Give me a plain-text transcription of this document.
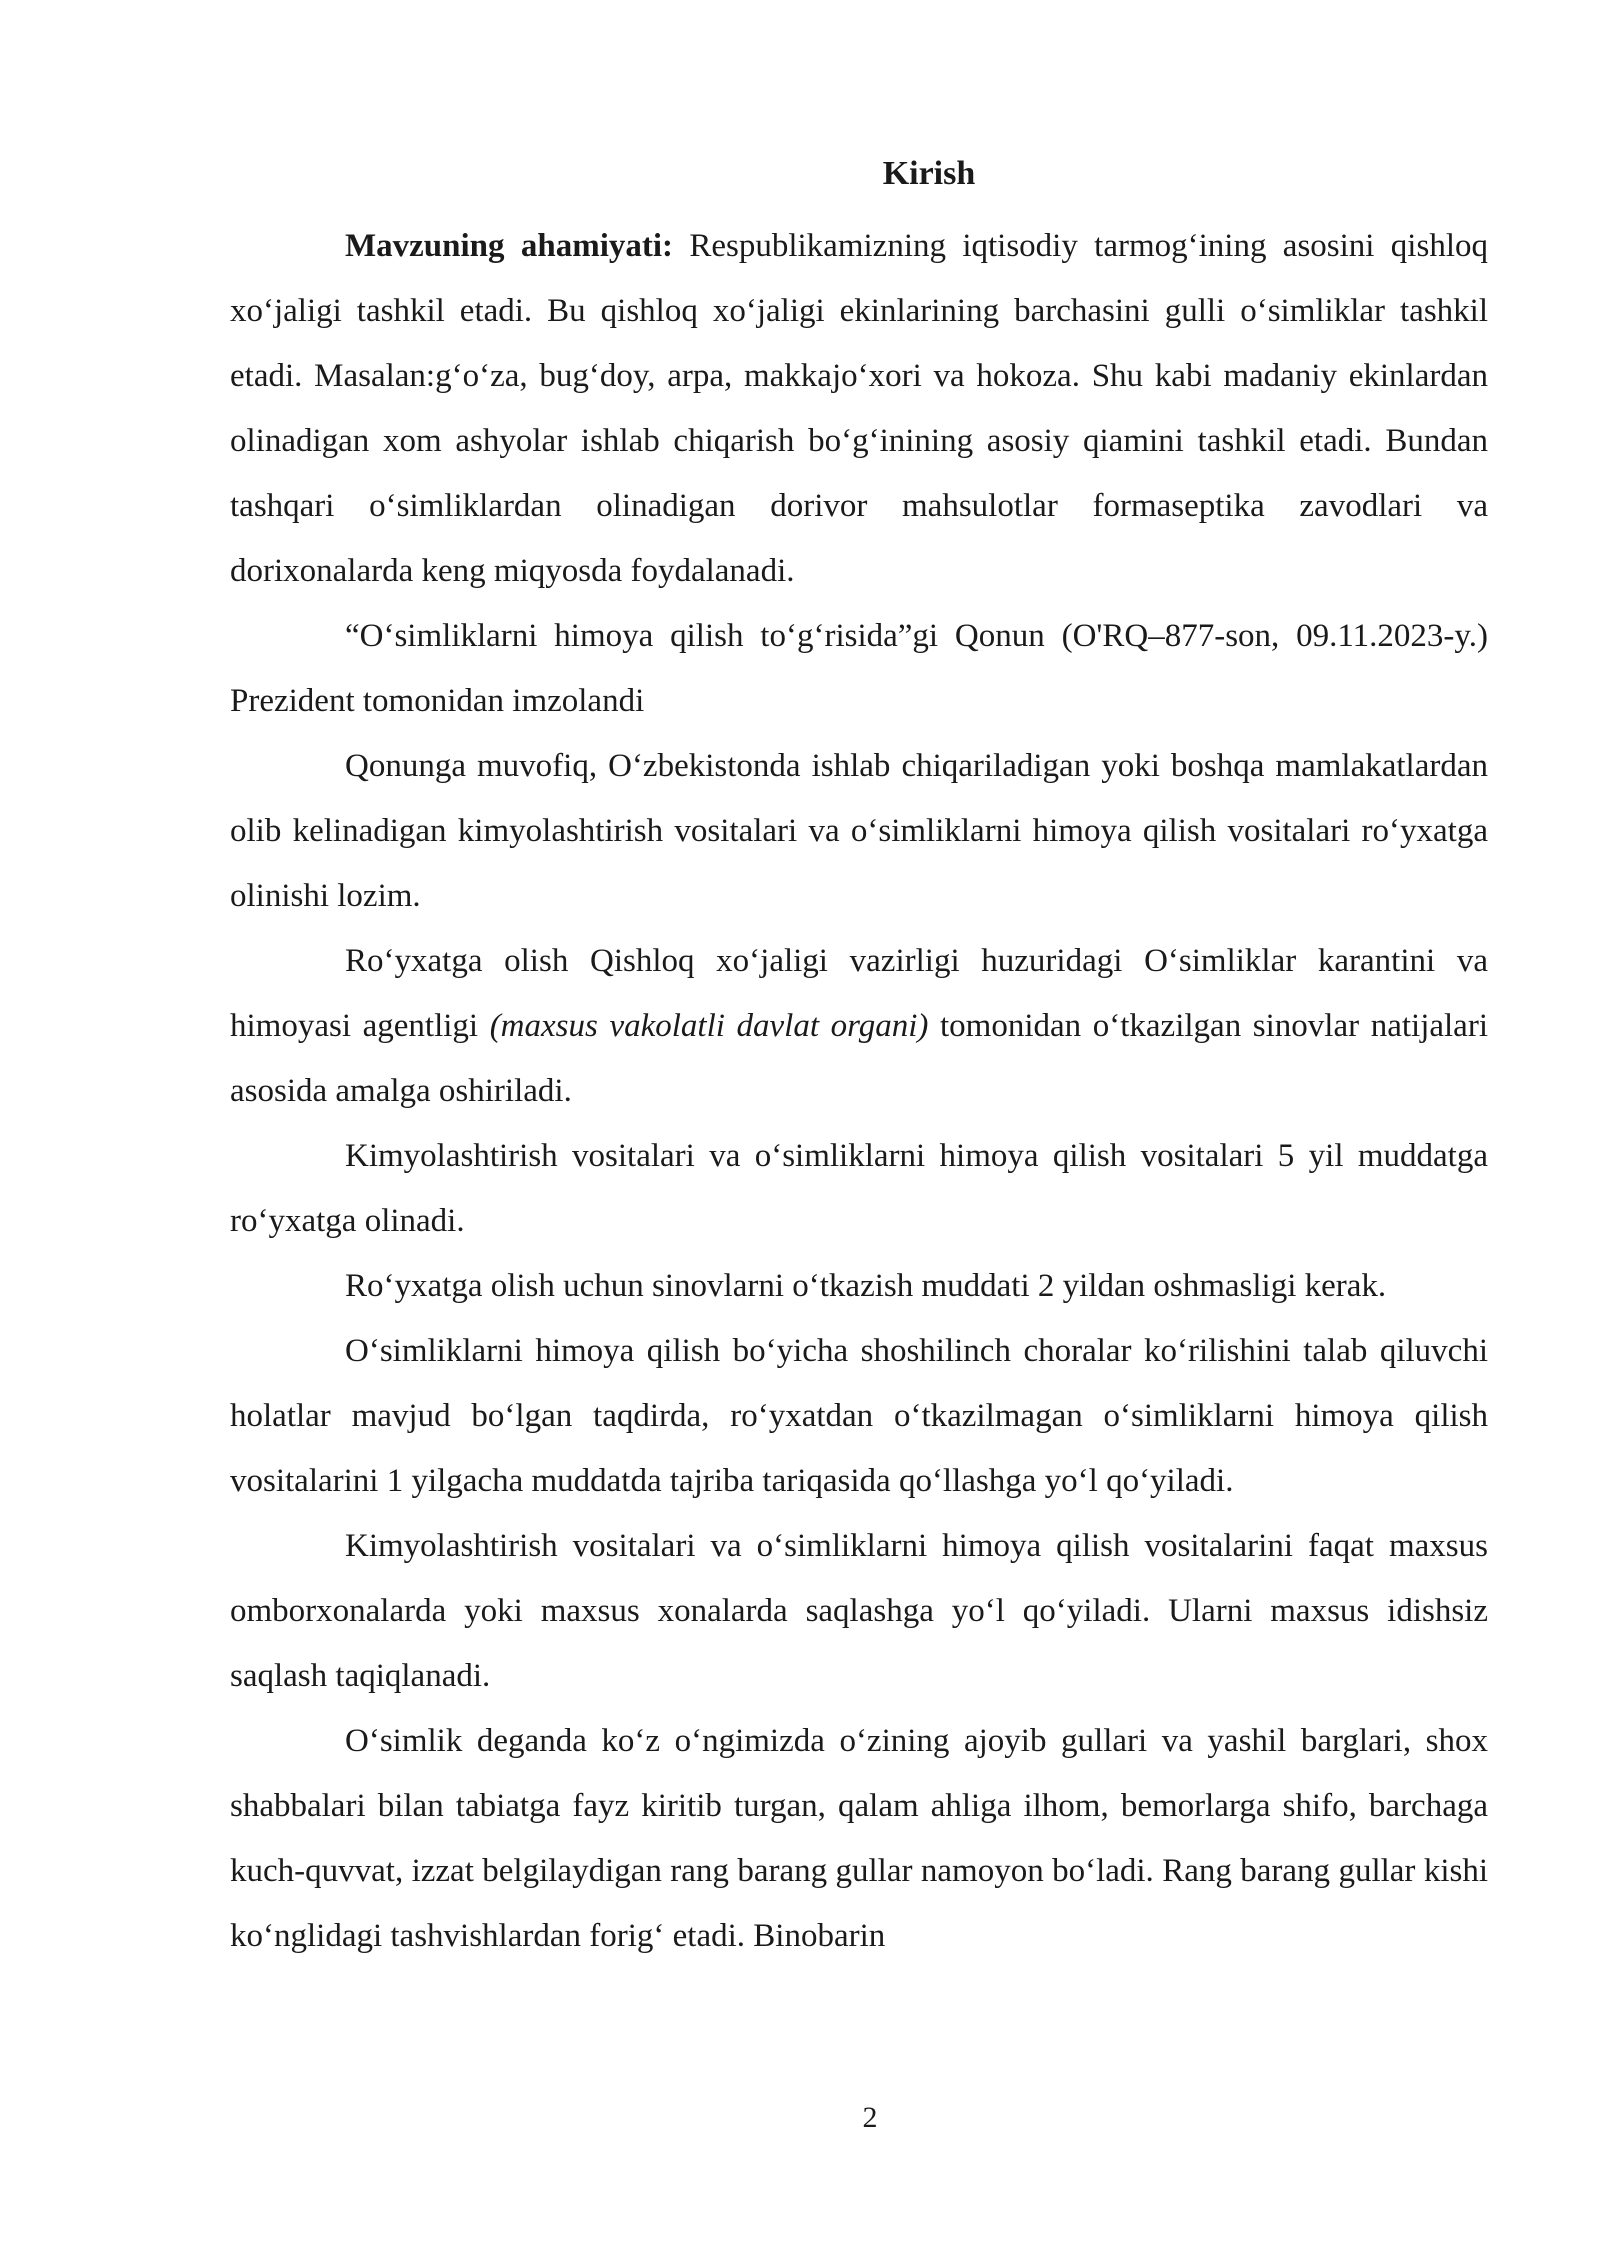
Kirish

Mavzuning ahamiyati: Respublikamizning iqtisodiy tarmog‘ining asosini qishloq xo‘jaligi tashkil etadi. Bu qishloq xo‘jaligi ekinlarining barchasini gulli o‘simliklar tashkil etadi. Masalan:g‘o‘za, bug‘doy, arpa, makkajo‘xori va hokoza. Shu kabi madaniy ekinlardan olinadigan xom ashyolar ishlab chiqarish bo‘g‘inining asosiy qiamini tashkil etadi. Bundan tashqari o‘simliklardan olinadigan dorivor mahsulotlar formaseptika zavodlari va dorixonalarda keng miqyosda foydalanadi.

“O‘simliklarni himoya qilish to‘g‘risida”gi Qonun (O'RQ–877-son, 09.11.2023-y.) Prezident tomonidan imzolandi

Qonunga muvofiq, O‘zbekistonda ishlab chiqariladigan yoki boshqa mamlakatlardan olib kelinadigan kimyolashtirish vositalari va o‘simliklarni himoya qilish vositalari ro‘yxatga olinishi lozim.

Ro‘yxatga olish Qishloq xo‘jaligi vazirligi huzuridagi O‘simliklar karantini va himoyasi agentligi (maxsus vakolatli davlat organi) tomonidan o‘tkazilgan sinovlar natijalari asosida amalga oshiriladi.

Kimyolashtirish vositalari va o‘simliklarni himoya qilish vositalari 5 yil muddatga ro‘yxatga olinadi.

Ro‘yxatga olish uchun sinovlarni o‘tkazish muddati 2 yildan oshmasligi kerak.

O‘simliklarni himoya qilish bo‘yicha shoshilinch choralar ko‘rilishini talab qiluvchi holatlar mavjud bo‘lgan taqdirda, ro‘yxatdan o‘tkazilmagan o‘simliklarni himoya qilish vositalarini 1 yilgacha muddatda tajriba tariqasida qo‘llashga yo‘l qo‘yiladi.

Kimyolashtirish vositalari va o‘simliklarni himoya qilish vositalarini faqat maxsus omborxonalarda yoki maxsus xonalarda saqlashga yo‘l qo‘yiladi. Ularni maxsus idishsiz saqlash taqiqlanadi.

O‘simlik deganda ko‘z o‘ngimizda o‘zining ajoyib gullari va yashil barglari, shox shabbalari bilan tabiatga fayz kiritib turgan, qalam ahliga ilhom, bemorlarga shifo, barchaga kuch-quvvat, izzat belgilaydigan rang barang gullar namoyon bo‘ladi. Rang barang gullar kishi ko‘nglidagi tashvishlardan forig‘ etadi. Binobarin

2
